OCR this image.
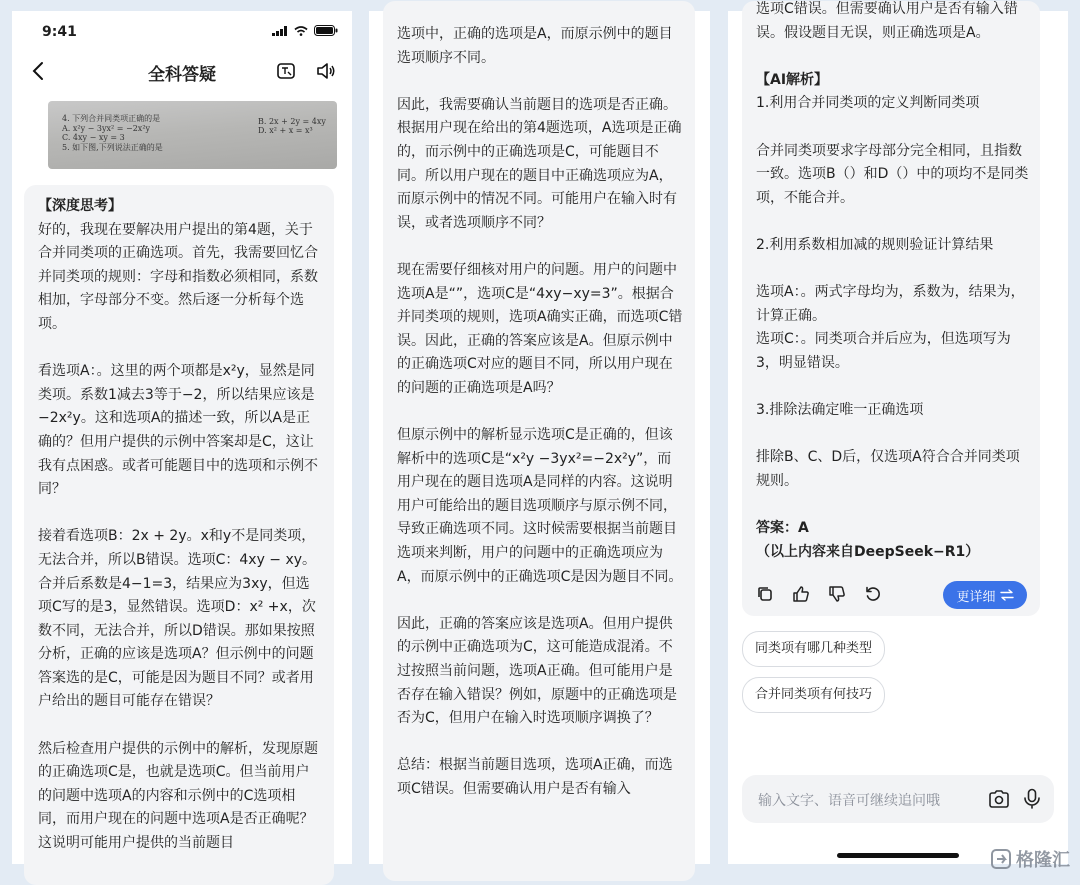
9:41
全科答疑
4. 下列合并同类项正确的是
A. x²y − 3yx² = −2x²y
C. 4xy − xy = 3
5. 如下图,下列说法正确的是
B. 2x + 2y = 4xy
D. x² + x = x³
【深度思考】
好的，我现在要解决用户提出的第4题，关于合并同类项的正确选项。首先，我需要回忆合并同类项的规则：字母和指数必须相同，系数相加，字母部分不变。然后逐一分析每个选项。

看选项A：。这里的两个项都是x²y，显然是同类项。系数1减去3等于−2，所以结果应该是−2x²y。这和选项A的描述一致，所以A是正确的？但用户提供的示例中答案却是C，这让我有点困惑。或者可能题目中的选项和示例不同？

接着看选项B：2x + 2y。x和y不是同类项，无法合并，所以B错误。选项C：4xy − xy。合并后系数是4−1=3，结果应为3xy，但选项C写的是3，显然错误。选项D：x² +x，次数不同，无法合并，所以D错误。那如果按照分析，正确的应该是选项A？但示例中的问题答案选的是C，可能是因为题目不同？或者用户给出的题目可能存在错误？

然后检查用户提供的示例中的解析，发现原题的正确选项C是，也就是选项C。但当前用户的问题中选项A的内容和示例中的C选项相同，而用户现在的问题中选项A是否正确呢？这说明可能用户提供的当前题目
选项中，正确的选项是A，而原示例中的题目选项顺序不同。

因此，我需要确认当前题目的选项是否正确。根据用户现在给出的第4题选项，A选项是正确的，而示例中的正确选项是C，可能题目不同。所以用户现在的题目中正确选项应为A，而原示例中的情况不同。可能用户在输入时有误，或者选项顺序不同？

现在需要仔细核对用户的问题。用户的问题中选项A是“”，选项C是“4xy−xy=3”。根据合并同类项的规则，选项A确实正确，而选项C错误。因此，正确的答案应该是A。但原示例中的正确选项C对应的题目不同，所以用户现在的问题的正确选项是A吗？

但原示例中的解析显示选项C是正确的，但该解析中的选项C是“x²y −3yx²=−2x²y”，而用户现在的题目选项A是同样的内容。这说明用户可能给出的题目选项顺序与原示例不同，导致正确选项不同。这时候需要根据当前题目选项来判断，用户的问题中的正确选项应为A，而原示例中的正确选项C是因为题目不同。

因此，正确的答案应该是选项A。但用户提供的示例中正确选项为C，这可能造成混淆。不过按照当前问题，选项A正确。但可能用户是否存在输入错误？例如，原题中的正确选项是否为C，但用户在输入时选项顺序调换了？

总结：根据当前题目选项，选项A正确，而选项C错误。但需要确认用户是否有输入
选项C错误。但需要确认用户是否有输入错误。假设题目无误，则正确选项是A。

【AI解析】
1.利用合并同类项的定义判断同类项

合并同类项要求字母部分完全相同，且指数一致。选项B（）和D（）中的项均不是同类项，不能合并。

2.利用系数相加减的规则验证计算结果

选项A：。两式字母均为，系数为，结果为，计算正确。
选项C：。同类项合并后应为，但选项写为3，明显错误。

3.排除法确定唯一正确选项

排除B、C、D后，仅选项A符合合并同类项规则。

答案：A
（以上内容来自DeepSeek−R1）
更详细
同类项有哪几种类型
合并同类项有何技巧
输入文字、语音可继续追问哦
格隆汇
